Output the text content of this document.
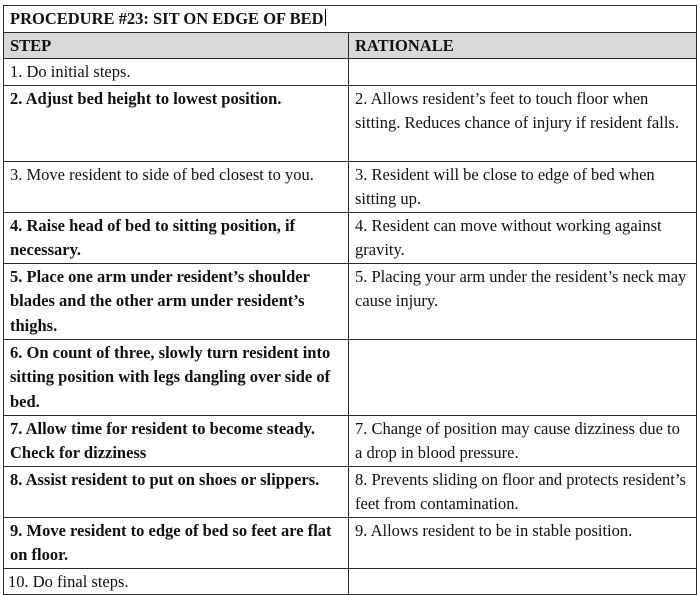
PROCEDURE #23: SIT ON EDGE OF BED	
STEP	RATIONALE
1. Do initial steps.	
2. Adjust bed height to lowest position.	2. Allows resident’s feet to touch floor when sitting. Reduces chance of injury if resident falls.
3. Move resident to side of bed closest to you.	3. Resident will be close to edge of bed when sitting up.
4. Raise head of bed to sitting position, if necessary.	4. Resident can move without working against gravity.
5. Place one arm under resident’s shoulder blades and the other arm under resident’s thighs.	5. Placing your arm under the resident’s neck may cause injury.
6. On count of three, slowly turn resident into sitting position with legs dangling over side of bed.	
7. Allow time for resident to become steady. Check for dizziness	7. Change of position may cause dizziness due to a drop in blood pressure.
8. Assist resident to put on shoes or slippers.	8. Prevents sliding on floor and protects resident’s feet from contamination.
9. Move resident to edge of bed so feet are flat on floor.	9. Allows resident to be in stable position.
10. Do final steps.	
